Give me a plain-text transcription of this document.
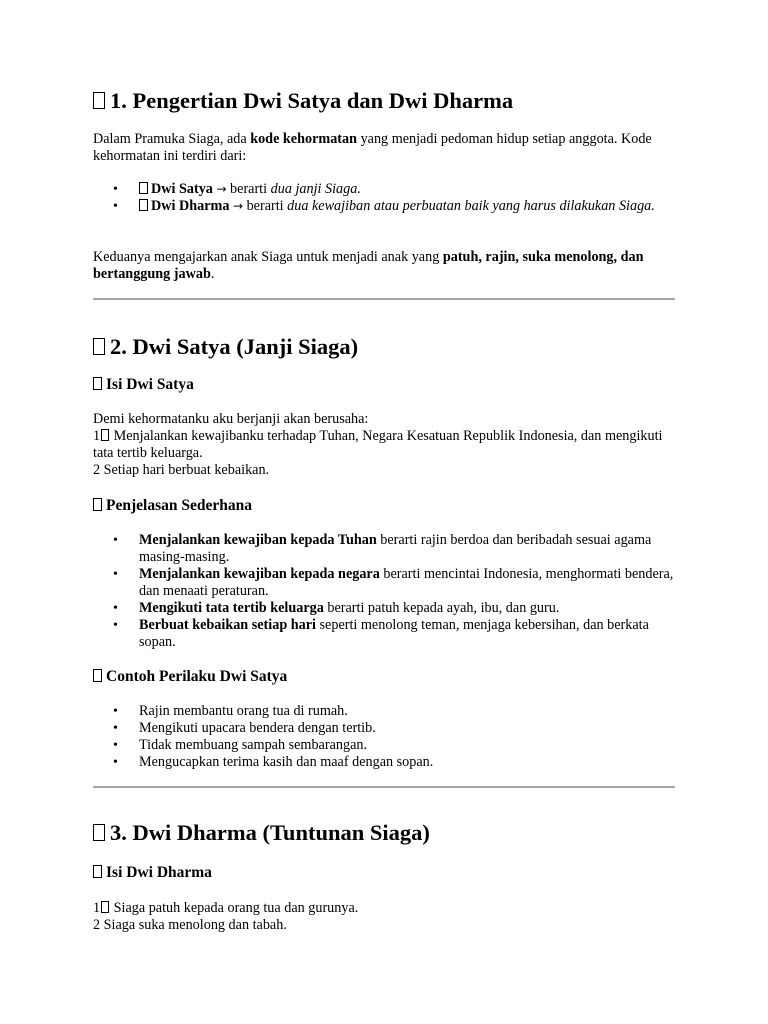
1. Pengertian Dwi Satya dan Dwi Dharma

Dalam Pramuka Siaga, ada kode kehormatan yang menjadi pedoman hidup setiap anggota. Kode kehormatan ini terdiri dari:

• Dwi Satya → berarti dua janji Siaga.
• Dwi Dharma → berarti dua kewajiban atau perbuatan baik yang harus dilakukan Siaga.

Keduanya mengajarkan anak Siaga untuk menjadi anak yang patuh, rajin, suka menolong, dan bertanggung jawab.

2. Dwi Satya (Janji Siaga)
Isi Dwi Satya

Demi kehormatanku aku berjanji akan berusaha:
1 Menjalankan kewajibanku terhadap Tuhan, Negara Kesatuan Republik Indonesia, dan mengikuti tata tertib keluarga.
2 Setiap hari berbuat kebaikan.

Penjelasan Sederhana
• Menjalankan kewajiban kepada Tuhan berarti rajin berdoa dan beribadah sesuai agama masing-masing.
• Menjalankan kewajiban kepada negara berarti mencintai Indonesia, menghormati bendera, dan menaati peraturan.
• Mengikuti tata tertib keluarga berarti patuh kepada ayah, ibu, dan guru.
• Berbuat kebaikan setiap hari seperti menolong teman, menjaga kebersihan, dan berkata sopan.
Contoh Perilaku Dwi Satya
• Rajin membantu orang tua di rumah.
• Mengikuti upacara bendera dengan tertib.
• Tidak membuang sampah sembarangan.
• Mengucapkan terima kasih dan maaf dengan sopan.
3. Dwi Dharma (Tuntunan Siaga)
Isi Dwi Dharma

1 Siaga patuh kepada orang tua dan gurunya.
2 Siaga suka menolong dan tabah.
